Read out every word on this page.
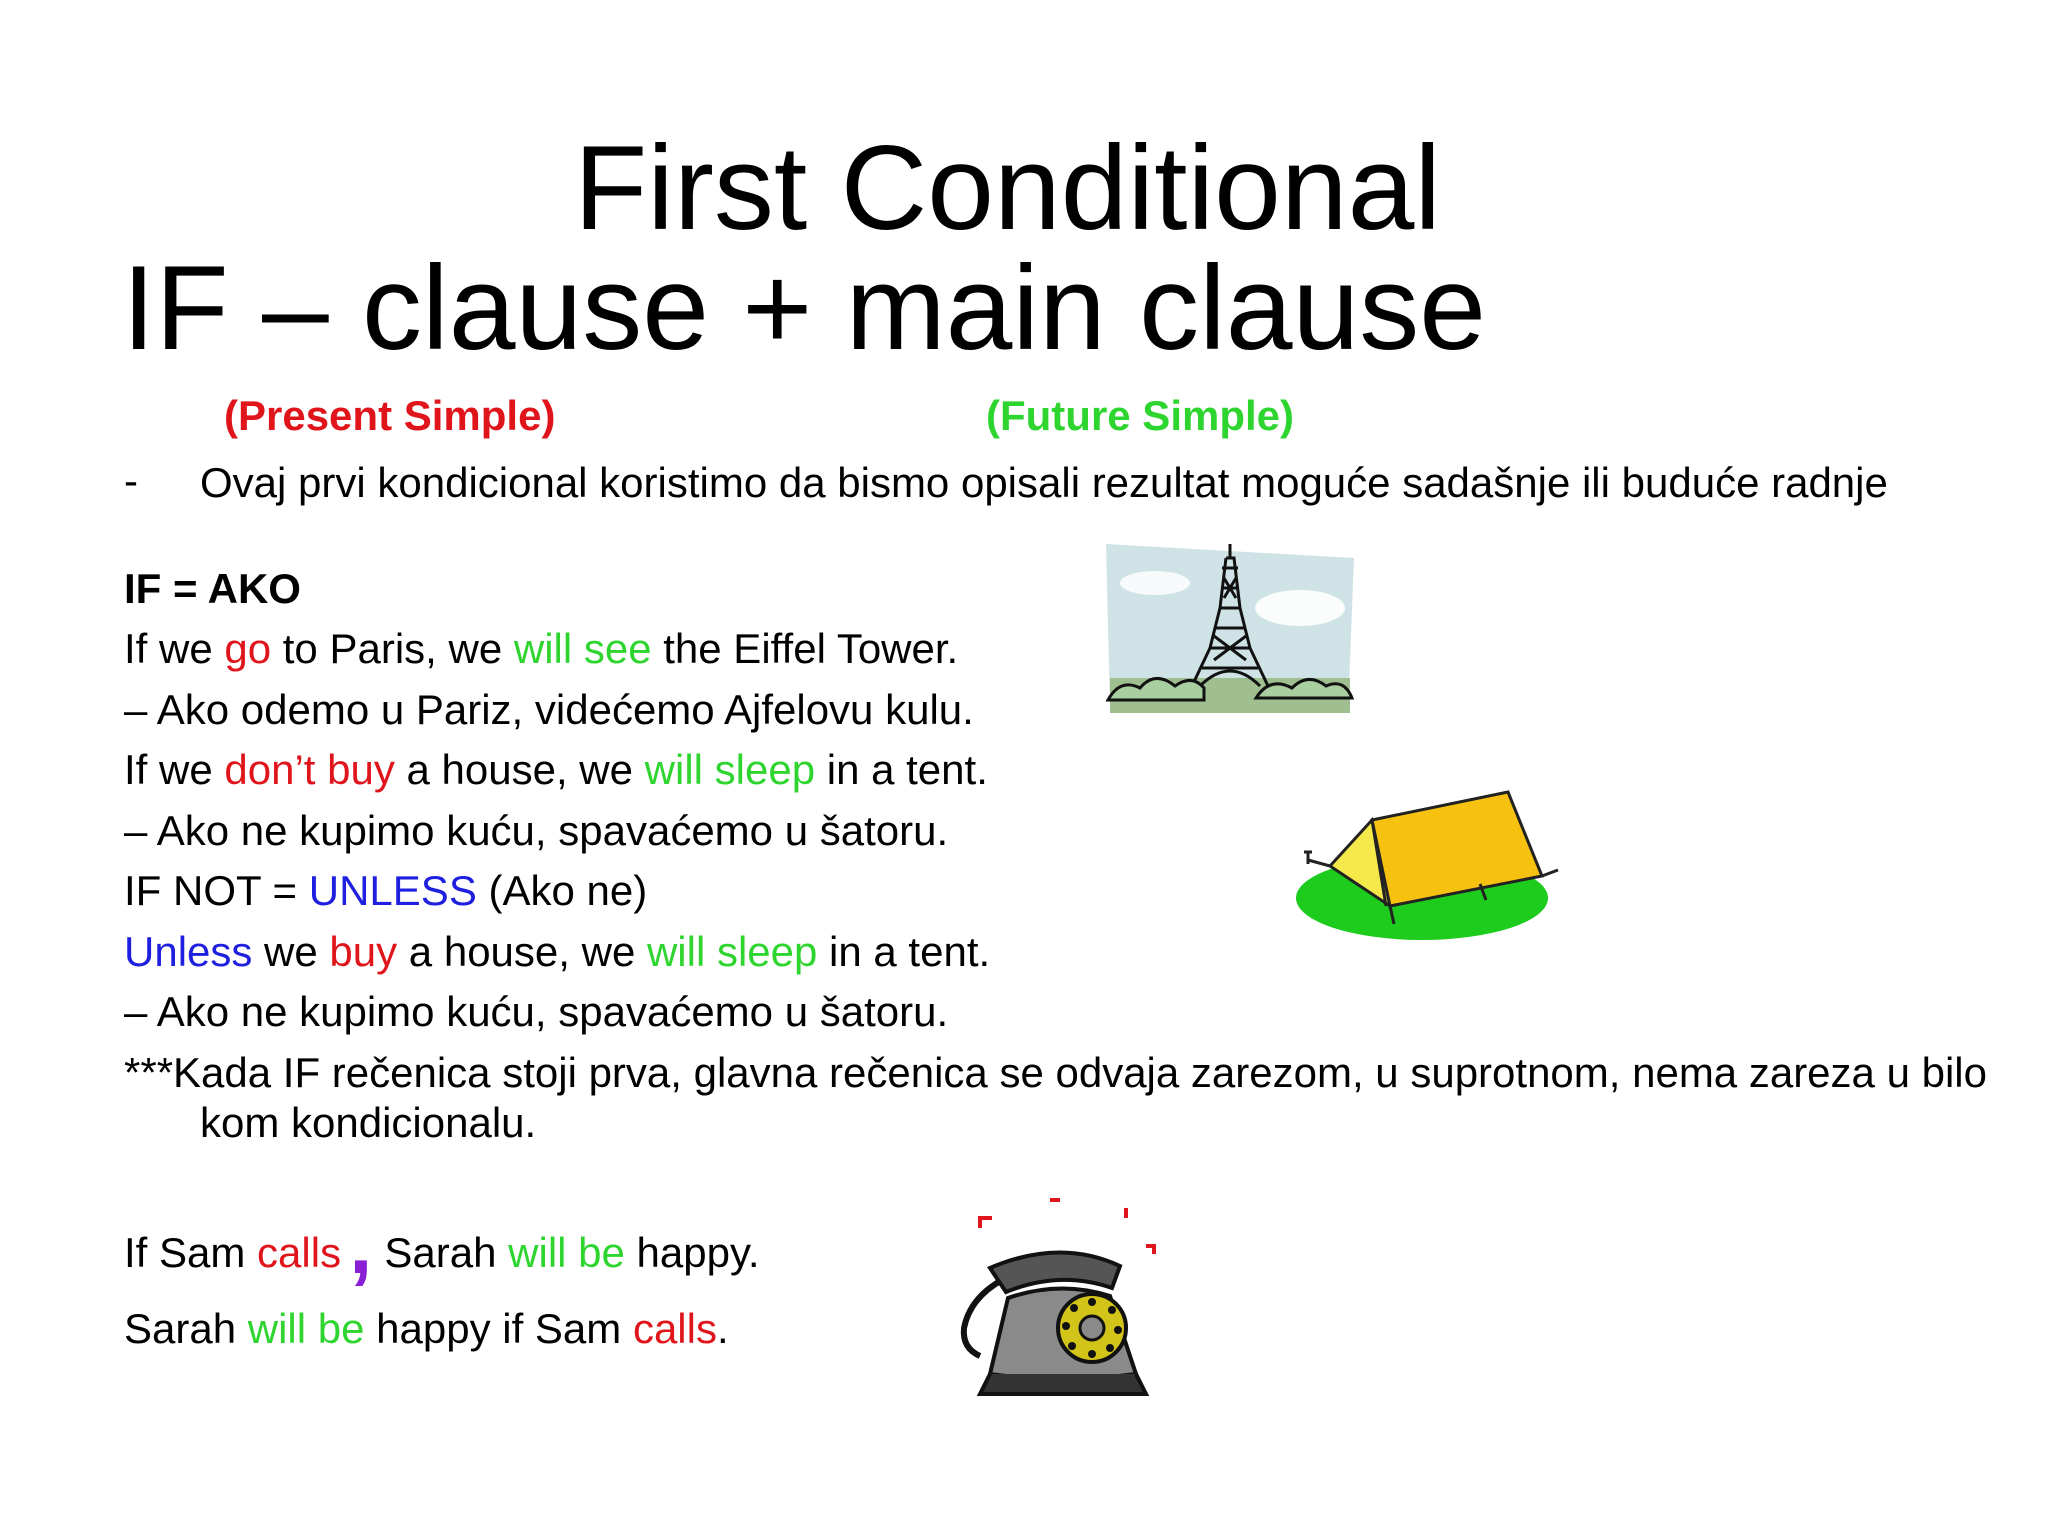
First Conditional
IF – clause + main clause
(Present Simple)	(Future Simple)
- Ovaj prvi kondicional koristimo da bismo opisali rezultat moguće sadašnje ili buduće radnje
IF = AKO
If we go to Paris, we will see the Eiffel Tower.
– Ako odemo u Pariz, videćemo Ajfelovu kulu.
If we don’t buy a house, we will sleep in a tent.
– Ako ne kupimo kuću, spavaćemo u šatoru.
IF NOT = UNLESS (Ako ne)
Unless we buy a house, we will sleep in a tent.
– Ako ne kupimo kuću, spavaćemo u šatoru.
***Kada IF rečenica stoji prva, glavna rečenica se odvaja zarezom, u suprotnom, nema zareza u bilo kom kondicionalu.
If Sam calls, Sarah will be happy.
Sarah will be happy if Sam calls.
